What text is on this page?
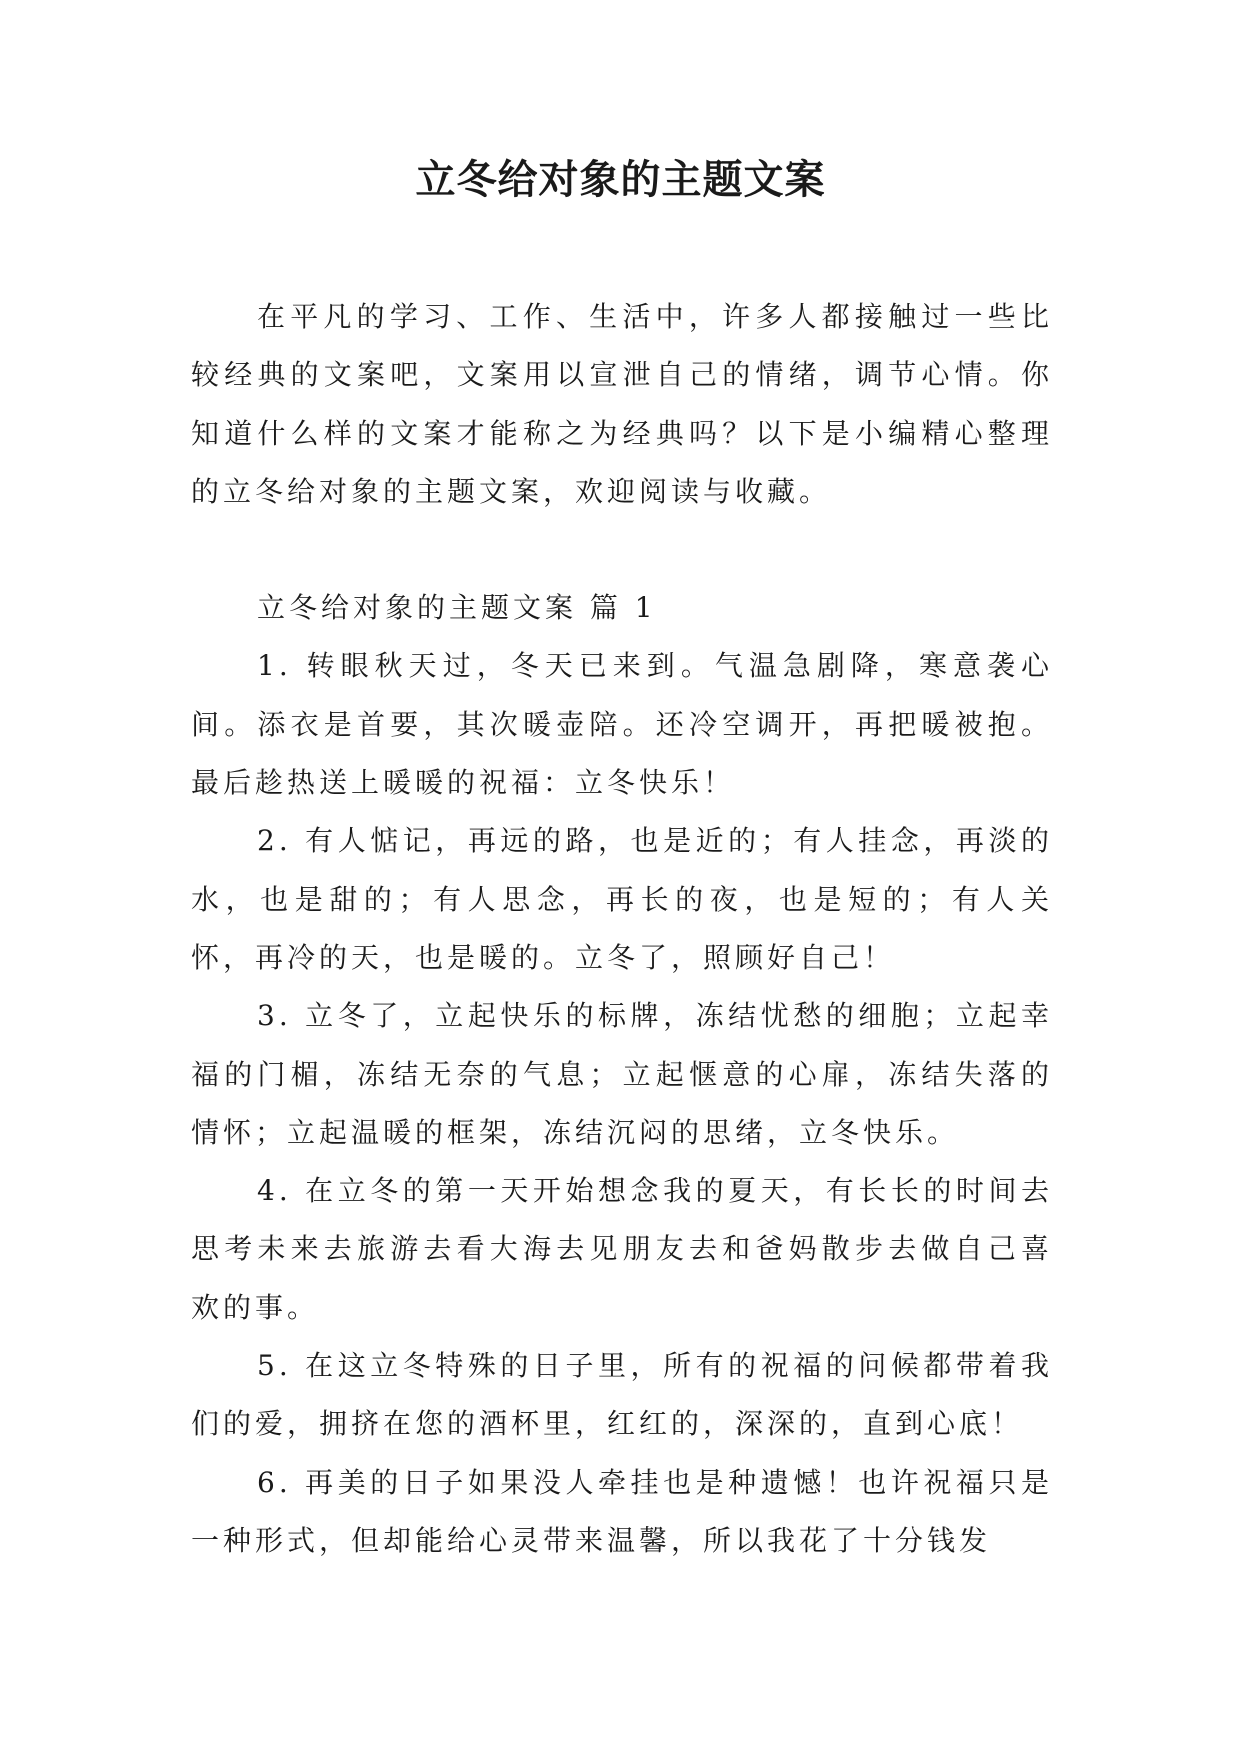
立冬给对象的主题文案

在平凡的学习、工作、生活中，许多人都接触过一些比较经典的文案吧，文案用以宣泄自己的情绪，调节心情。你知道什么样的文案才能称之为经典吗？以下是小编精心整理的立冬给对象的主题文案，欢迎阅读与收藏。

立冬给对象的主题文案 篇 1

1. 转眼秋天过，冬天已来到。气温急剧降，寒意袭心间。添衣是首要，其次暖壶陪。还冷空调开，再把暖被抱。最后趁热送上暖暖的祝福：立冬快乐！

2. 有人惦记，再远的路，也是近的；有人挂念，再淡的水，也是甜的；有人思念，再长的夜，也是短的；有人关怀，再冷的天，也是暖的。立冬了，照顾好自己！

3. 立冬了，立起快乐的标牌，冻结忧愁的细胞；立起幸福的门楣，冻结无奈的气息；立起惬意的心扉，冻结失落的情怀；立起温暖的框架，冻结沉闷的思绪，立冬快乐。

4. 在立冬的第一天开始想念我的夏天，有长长的时间去思考未来去旅游去看大海去见朋友去和爸妈散步去做自己喜欢的事。

5. 在这立冬特殊的日子里，所有的祝福的问候都带着我们的爱，拥挤在您的酒杯里，红红的，深深的，直到心底！

6. 再美的日子如果没人牵挂也是种遗憾！也许祝福只是一种形式，但却能给心灵带来温馨，所以我花了十分钱发
